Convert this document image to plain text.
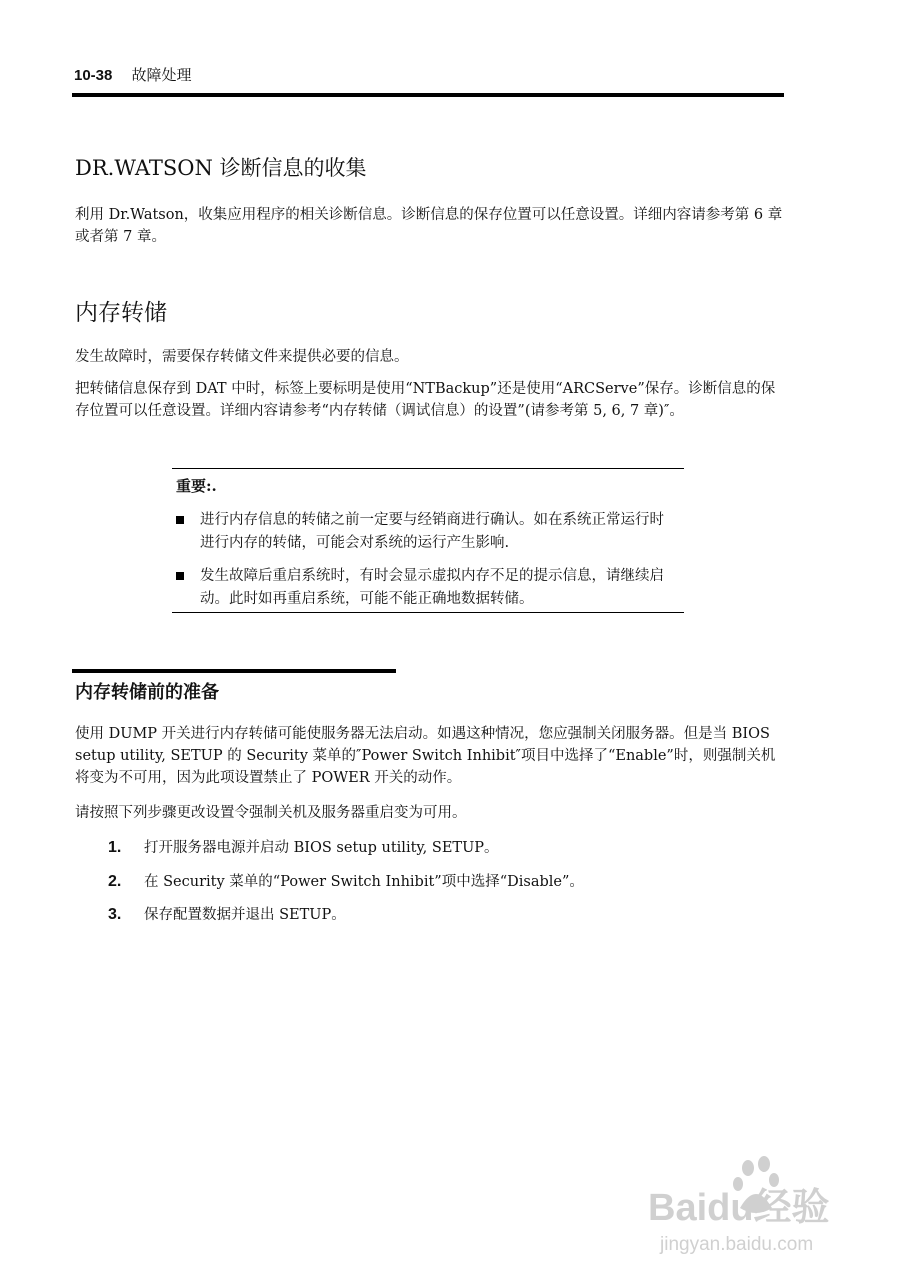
10-38 故障处理
DR.WATSON 诊断信息的收集
利用 Dr.Watson，收集应用程序的相关诊断信息。诊断信息的保存位置可以任意设置。详细内容请参考第 6 章或者第 7 章。
内存转储
发生故障时，需要保存转储文件来提供必要的信息。
把转储信息保存到 DAT 中时，标签上要标明是使用“NTBackup”还是使用“ARCServe”保存。诊断信息的保存位置可以任意设置。详细内容请参考“内存转储（调试信息）的设置”(请参考第 5, 6, 7 章)″。
重要:.
进行内存信息的转储之前一定要与经销商进行确认。如在系统正常运行时进行内存的转储，可能会对系统的运行产生影响.
发生故障后重启系统时，有时会显示虚拟内存不足的提示信息，请继续启动。此时如再重启系统，可能不能正确地数据转储。
内存转储前的准备
使用 DUMP 开关进行内存转储可能使服务器无法启动。如遇这种情况，您应强制关闭服务器。但是当 BIOS setup utility, SETUP 的 Security 菜单的″Power Switch Inhibit″项目中选择了“Enable”时，则强制关机将变为不可用，因为此项设置禁止了 POWER 开关的动作。
请按照下列步骤更改设置令强制关机及服务器重启变为可用。
1. 打开服务器电源并启动 BIOS setup utility, SETUP。
2. 在 Security 菜单的“Power Switch Inhibit”项中选择“Disable”。
3. 保存配置数据并退出 SETUP。
Baidu经验
jingyan.baidu.com
